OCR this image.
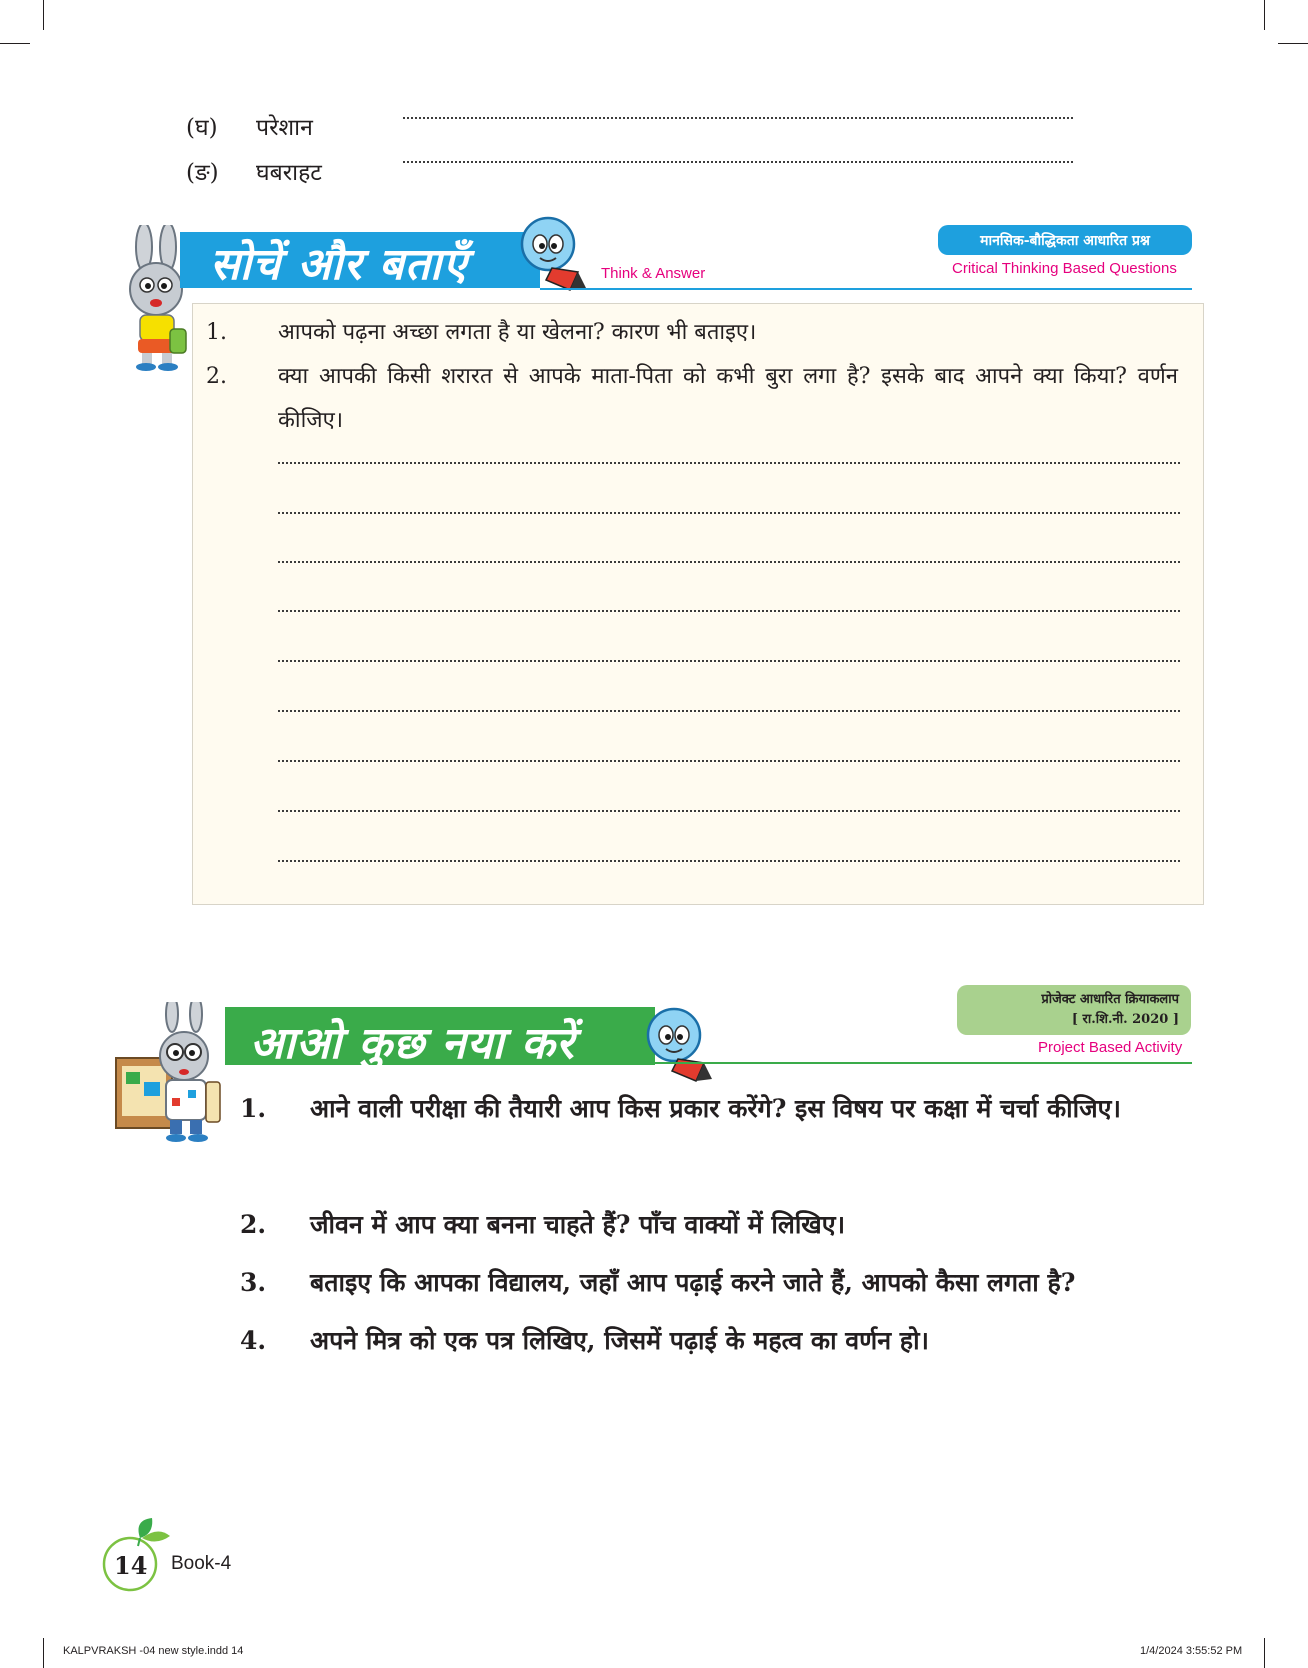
(घ) परेशान
(ङ) घबराहट
सोचें और बताएँ	Think & Answer
मानसिक-बौद्धिकता आधारित प्रश्न
Critical Thinking Based Questions
1. आपको पढ़ना अच्छा लगता है या खेलना? कारण भी बताइए।
2. क्या आपकी किसी शरारत से आपके माता-पिता को कभी बुरा लगा है? इसके बाद आपने क्या किया? वर्णन कीजिए।
आओ कुछ नया करें
प्रोजेक्ट आधारित क्रियाकलाप
[ रा.शि.नी. 2020 ]
Project Based Activity
1. आने वाली परीक्षा की तैयारी आप किस प्रकार करेंगे? इस विषय पर कक्षा में चर्चा कीजिए।
2. जीवन में आप क्या बनना चाहते हैं? पाँच वाक्यों में लिखिए।
3. बताइए कि आपका विद्यालय, जहाँ आप पढ़ाई करने जाते हैं, आपको कैसा लगता है?
4. अपने मित्र को एक पत्र लिखिए, जिसमें पढ़ाई के महत्व का वर्णन हो।
14 Book-4
KALPVRAKSH -04 new style.indd 14	1/4/2024 3:55:52 PM
